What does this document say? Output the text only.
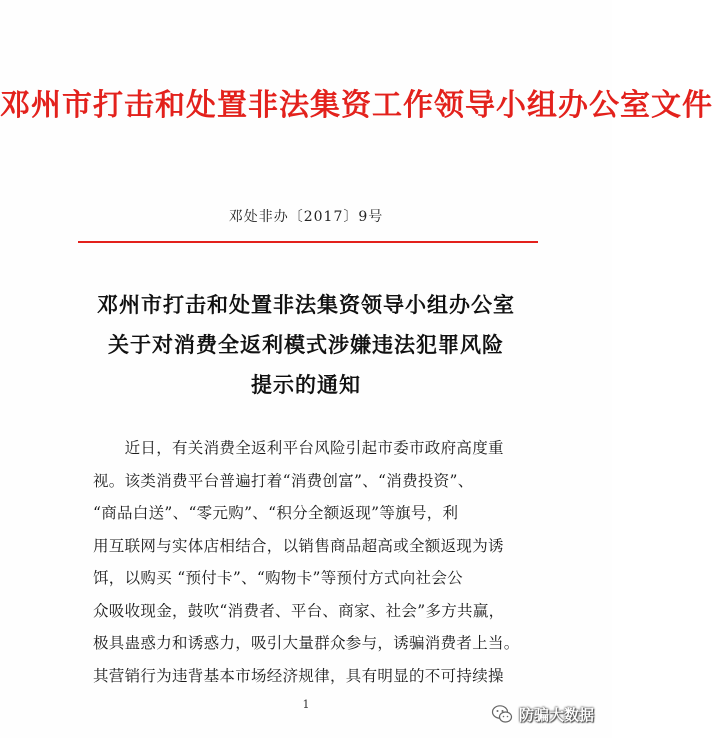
邓州市打击和处置非法集资工作领导小组办公室文件
邓处非办〔2017〕9号
邓州市打击和处置非法集资领导小组办公室
关于对消费全返利模式涉嫌违法犯罪风险
提示的通知
　　近日，有关消费全返利平台风险引起市委市政府高度重
视。该类消费平台普遍打着“消费创富”、“消费投资”、
“商品白送”、“零元购”、“积分全额返现”等旗号，利
用互联网与实体店相结合，以销售商品超高或全额返现为诱
饵，以购买 “预付卡”、“购物卡”等预付方式向社会公
众吸收现金，鼓吹“消费者、平台、商家、社会”多方共赢，
极具蛊惑力和诱惑力，吸引大量群众参与，诱骗消费者上当。
其营销行为违背基本市场经济规律，具有明显的不可持续操
1
防骗大数据
